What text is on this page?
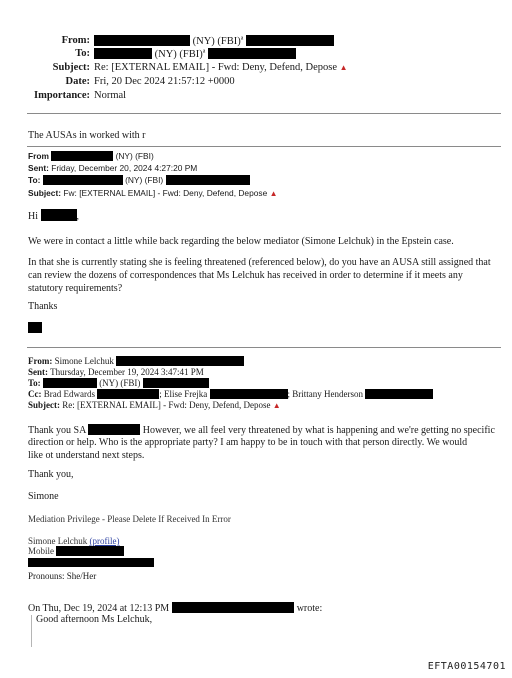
From:	(NY) (FBI)$^a$
To:	(NY) (FBI)$^a$
Subject: Re: [EXTERNAL EMAIL] - Fwd: Deny, Defend, Depose ▲
Date: Fri, 20 Dec 2024 21:57:12 +0000
Importance: Normal
The AUSAs in worked with r
From	(NY) (FBI)
Sent: Friday, December 20, 2024 4:27:20 PM
To:	(NY) (FBI)
Subject: Fw: [EXTERNAL EMAIL] - Fwd: Deny, Defend, Depose ▲
Hi	,
We were in contact a little while back regarding the below mediator (Simone Lelchuk) in the Epstein case.
In that she is currently stating she is feeling threatened (referenced below), do you have an AUSA still assigned that can review the dozens of correspondences that Ms Lelchuk has received in order to determine if it meets any statutory requirements?
Thanks
From: Simone Lelchuk
Sent: Thursday, December 19, 2024 3:47:41 PM
To:	(NY) (FBI)
Cc: Brad Edwards	; Elise Frejka	; Brittany Henderson
Subject: Re: [EXTERNAL EMAIL] - Fwd: Deny, Defend, Depose ▲
Thank you SA	However, we all feel very threatened by what is happening and we're getting no specific
direction or help. Who is the appropriate party? I am happy to be in touch with that person directly. We would
like ot understand next steps.
Thank you,
Simone
Mediation Privilege - Please Delete If Received In Error
Simone Lelchuk (profile)
Mobile
Pronouns: She/Her
On Thu, Dec 19, 2024 at 12:13 PM	wrote:
Good afternoon Ms Lelchuk,
EFTA00154701
